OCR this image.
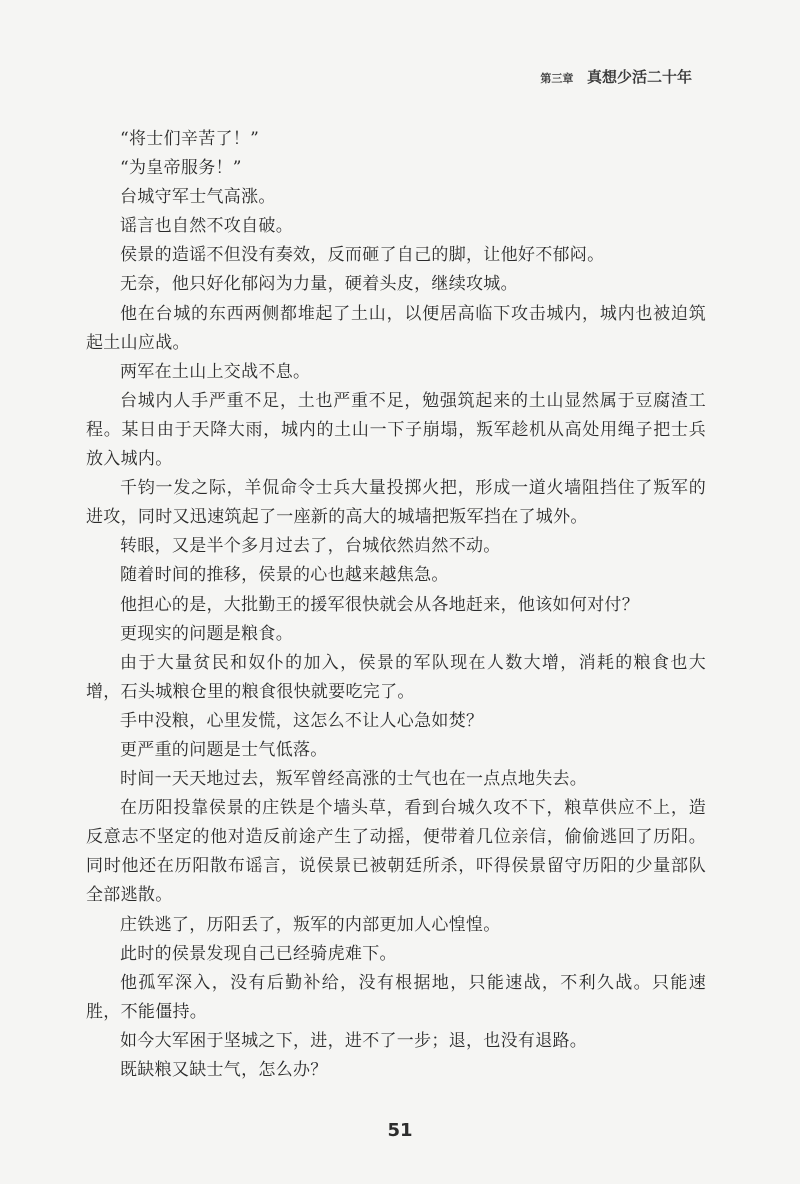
第三章 真想少活二十年

“将士们辛苦了！”

“为皇帝服务！”

台城守军士气高涨。

谣言也自然不攻自破。

侯景的造谣不但没有奏效，反而砸了自己的脚，让他好不郁闷。

无奈，他只好化郁闷为力量，硬着头皮，继续攻城。

他在台城的东西两侧都堆起了土山，以便居高临下攻击城内，城内也被迫筑起土山应战。

两军在土山上交战不息。

台城内人手严重不足，土也严重不足，勉强筑起来的土山显然属于豆腐渣工程。某日由于天降大雨，城内的土山一下子崩塌，叛军趁机从高处用绳子把士兵放入城内。

千钧一发之际，羊侃命令士兵大量投掷火把，形成一道火墙阻挡住了叛军的进攻，同时又迅速筑起了一座新的高大的城墙把叛军挡在了城外。

转眼，又是半个多月过去了，台城依然岿然不动。

随着时间的推移，侯景的心也越来越焦急。

他担心的是，大批勤王的援军很快就会从各地赶来，他该如何对付？

更现实的问题是粮食。

由于大量贫民和奴仆的加入，侯景的军队现在人数大增，消耗的粮食也大增，石头城粮仓里的粮食很快就要吃完了。

手中没粮，心里发慌，这怎么不让人心急如焚？

更严重的问题是士气低落。

时间一天天地过去，叛军曾经高涨的士气也在一点点地失去。

在历阳投靠侯景的庄铁是个墙头草，看到台城久攻不下，粮草供应不上，造反意志不坚定的他对造反前途产生了动摇，便带着几位亲信，偷偷逃回了历阳。同时他还在历阳散布谣言，说侯景已被朝廷所杀，吓得侯景留守历阳的少量部队全部逃散。

庄铁逃了，历阳丢了，叛军的内部更加人心惶惶。

此时的侯景发现自己已经骑虎难下。

他孤军深入，没有后勤补给，没有根据地，只能速战，不利久战。只能速胜，不能僵持。

如今大军困于坚城之下，进，进不了一步；退，也没有退路。

既缺粮又缺士气，怎么办？

51
